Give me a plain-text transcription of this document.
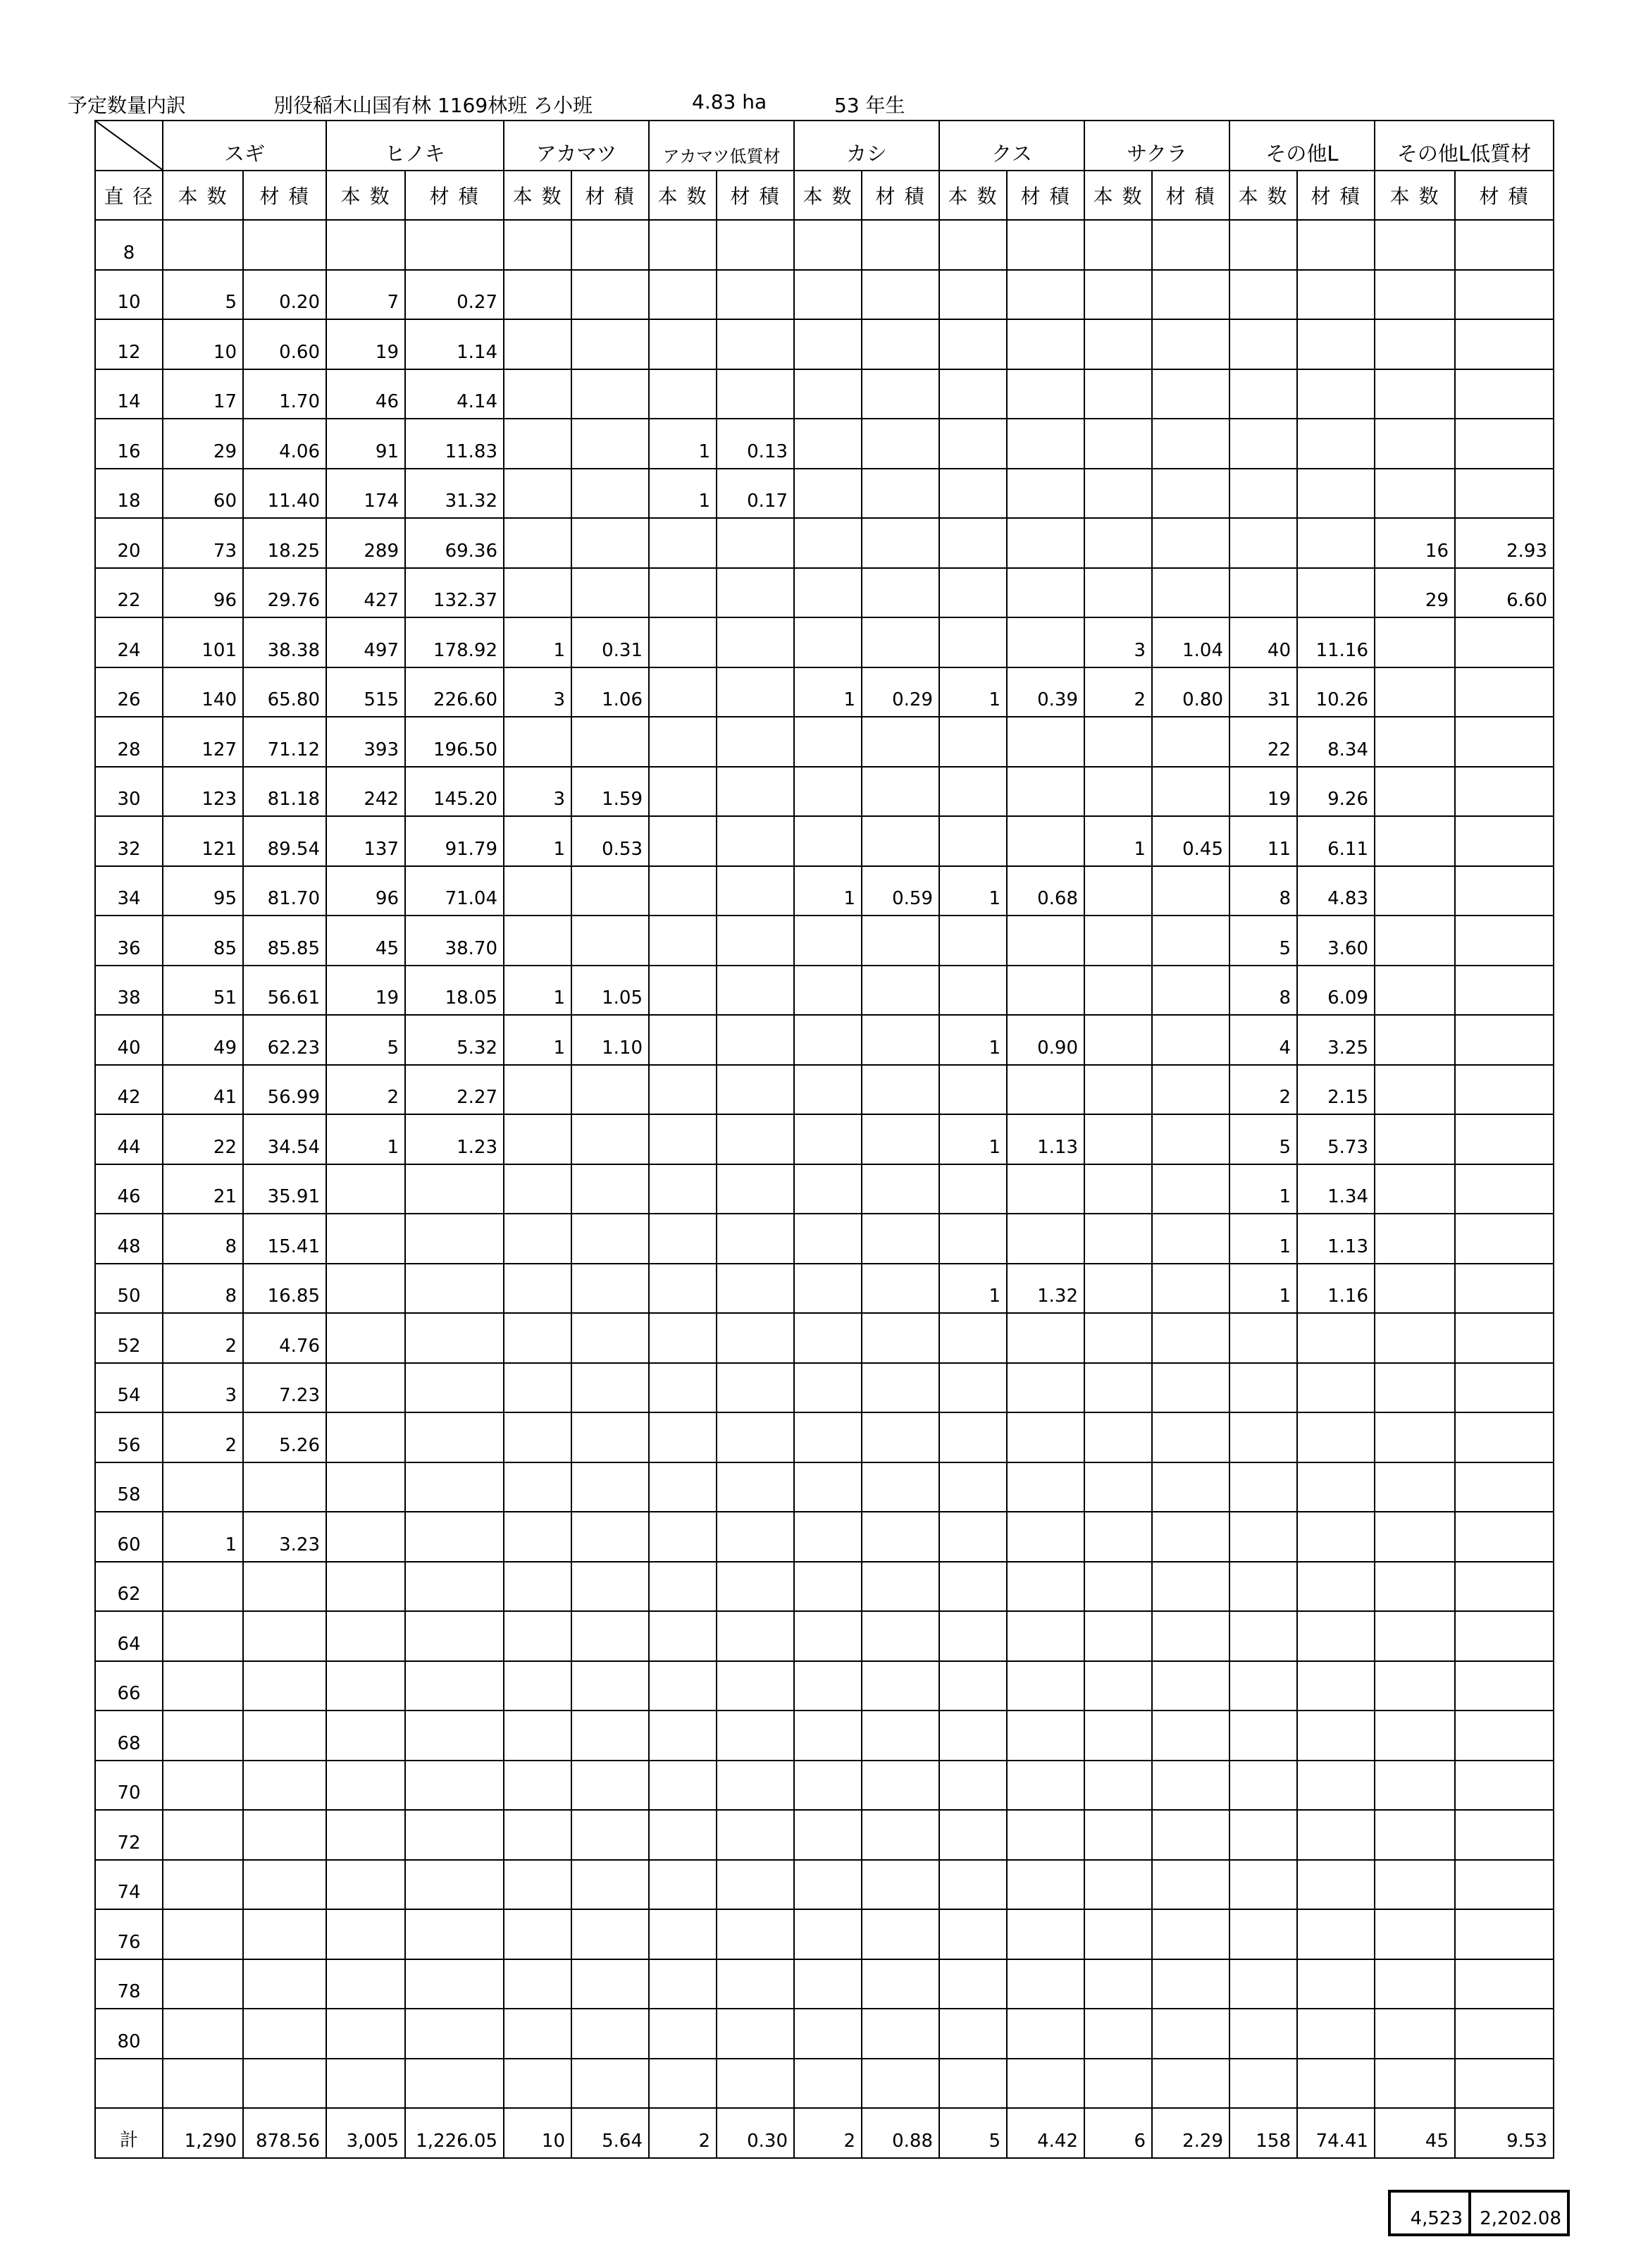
予定数量内訳	別役稲木山国有林 1169林班 ろ小班	4.83 ha	53 年生
	スギ		ヒノキ		アカマツ		アカマツ低質材		カシ		クス		サクラ		その他L		その他L低質材	
直 径	本 数	材 積	本 数	材 積	本 数	材 積	本 数	材 積	本 数	材 積	本 数	材 積	本 数	材 積	本 数	材 積	本 数	材 積
8																		
10	5	0.20	7	0.27														
12	10	0.60	19	1.14														
14	17	1.70	46	4.14														
16	29	4.06	91	11.83			1	0.13										
18	60	11.40	174	31.32			1	0.17										
20	73	18.25	289	69.36													16	2.93
22	96	29.76	427	132.37													29	6.60
24	101	38.38	497	178.92	1	0.31							3	1.04	40	11.16		
26	140	65.80	515	226.60	3	1.06			1	0.29	1	0.39	2	0.80	31	10.26		
28	127	71.12	393	196.50											22	8.34		
30	123	81.18	242	145.20	3	1.59									19	9.26		
32	121	89.54	137	91.79	1	0.53							1	0.45	11	6.11		
34	95	81.70	96	71.04					1	0.59	1	0.68			8	4.83		
36	85	85.85	45	38.70											5	3.60		
38	51	56.61	19	18.05	1	1.05									8	6.09		
40	49	62.23	5	5.32	1	1.10					1	0.90			4	3.25		
42	41	56.99	2	2.27											2	2.15		
44	22	34.54	1	1.23							1	1.13			5	5.73		
46	21	35.91													1	1.34		
48	8	15.41													1	1.13		
50	8	16.85									1	1.32			1	1.16		
52	2	4.76																
54	3	7.23																
56	2	5.26																
58																		
60	1	3.23																
62																		
64																		
66																		
68																		
70																		
72																		
74																		
76																		
78																		
80																		

計	1,290	878.56	3,005	1,226.05	10	5.64	2	0.30	2	0.88	5	4.42	6	2.29	158	74.41	45	9.53
4,523	2,202.08
